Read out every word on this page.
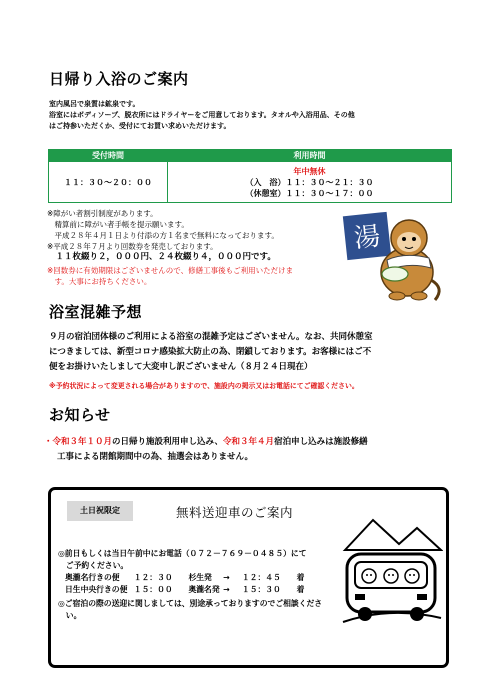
日帰り入浴のご案内
室内風呂で泉質は鉱泉です。
浴室にはボディソープ、脱衣所にはドライヤーをご用意しております。タオルや入浴用品、その他
はご持参いただくか、受付にてお買い求めいただけます。
受付時間	利用時間
１１：３０～２０：００	年中無休
（入　浴）１１：３０～２１：３０
（休憩室）１１：３０～１７：００
※障がい者割引制度があります。
　精算前に障がい者手帳を提示願います。
　平成２８年４月１日より付添の方１名まで無料になっております。
※平成２８年７月より回数券を発売しております。
　１１枚綴り２，０００円、２４枚綴り４，０００円です。
※回数券に有効期限はございませんので、修繕工事後もご利用いただけま
　す。大事にお持ちください。
湯
浴室混雑予想
９月の宿泊団体様のご利用による浴室の混雑予定はございません。なお、共同休憩室
につきましては、新型コロナ感染拡大防止の為、閉鎖しております。お客様にはご不
便をお掛けいたしまして大変申し訳ございません（８月２４日現在）
※予約状況によって変更される場合がありますので、施設内の掲示又はお電話にてご確認ください。
お知らせ
・令和３年１０月の日帰り施設利用申し込み、令和３年４月宿泊申し込みは施設修繕
工事による閉館期間中の為、抽選会はありません。
土日祝限定	無料送迎車のご案内
◎前日もしくは当日午前中にお電話（０７２－７６９－０４８５）にて
　ご予約ください。
奥瀧名行きの便 １２：３０ 杉生発 → １２：４５ 着
日生中央行きの便 １５：００ 奥瀧名発 → １５：３０ 着
◎ご宿泊の際の送迎に関しましては、別途承っておりますのでご相談くださ
　い。
